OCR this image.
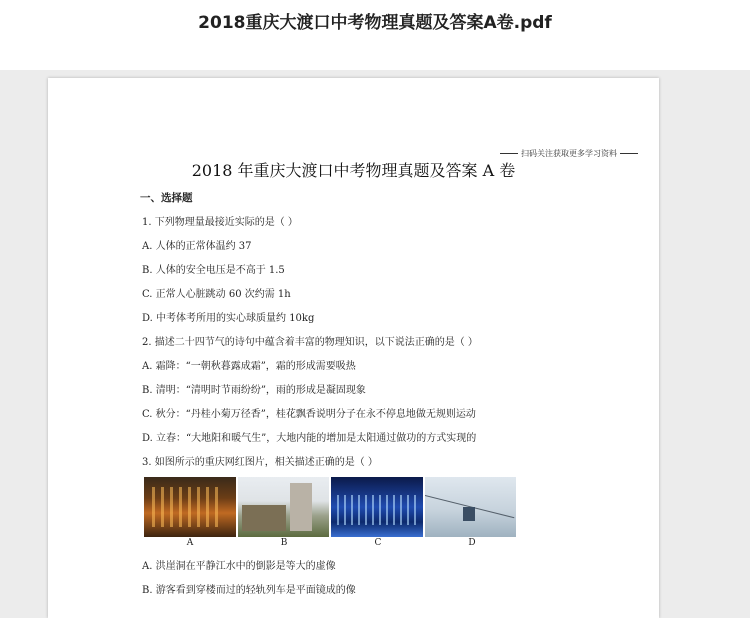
2018重庆大渡口中考物理真题及答案A卷.pdf
扫码关注获取更多学习资料
2018 年重庆大渡口中考物理真题及答案 A 卷
一、选择题
1. 下列物理量最接近实际的是（ ）
A. 人体的正常体温约 37
B. 人体的安全电压是不高于 1.5
C. 正常人心脏跳动 60 次约需 1h
D. 中考体考所用的实心球质量约 10kg
2. 描述二十四节气的诗句中蕴含着丰富的物理知识，以下说法正确的是（ ）
A. 霜降：“一朝秋暮露成霜”，霜的形成需要吸热
B. 清明：“清明时节雨纷纷”，雨的形成是凝固现象
C. 秋分：“丹桂小菊万径香”，桂花飘香说明分子在永不停息地做无规则运动
D. 立春：“大地阳和暖气生”，大地内能的增加是太阳通过做功的方式实现的
3. 如图所示的重庆网红图片，相关描述正确的是（ ）
A	B	C	D
A. 洪崖洞在平静江水中的倒影是等大的虚像
B. 游客看到穿楼而过的轻轨列车是平面镜成的像
